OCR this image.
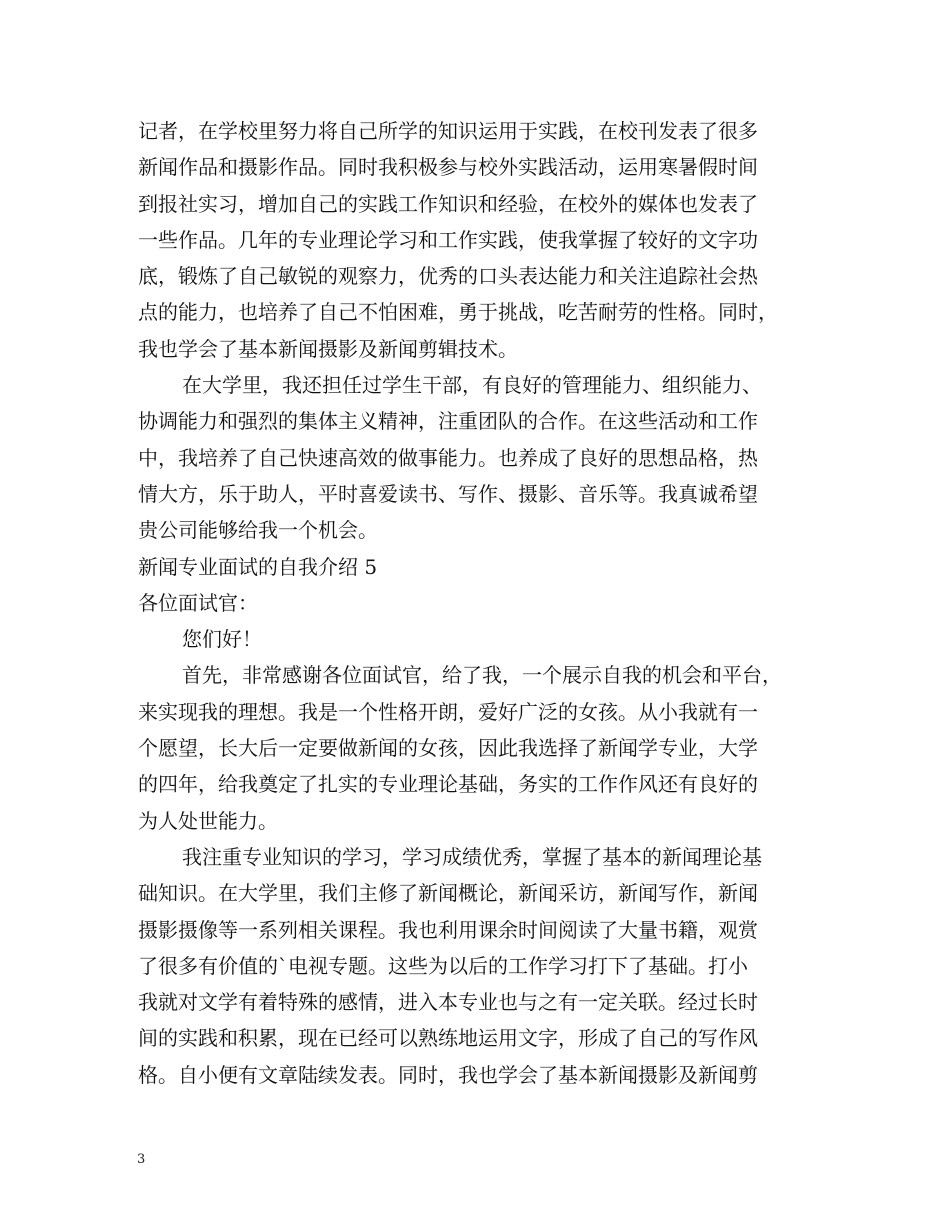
记者，在学校里努力将自己所学的知识运用于实践，在校刊发表了很多
新闻作品和摄影作品。同时我积极参与校外实践活动，运用寒暑假时间
到报社实习，增加自己的实践工作知识和经验，在校外的媒体也发表了
一些作品。几年的专业理论学习和工作实践，使我掌握了较好的文字功
底，锻炼了自己敏锐的观察力，优秀的口头表达能力和关注追踪社会热
点的能力，也培养了自己不怕困难，勇于挑战，吃苦耐劳的性格。同时，
我也学会了基本新闻摄影及新闻剪辑技术。
在大学里，我还担任过学生干部，有良好的管理能力、组织能力、
协调能力和强烈的集体主义精神，注重团队的合作。在这些活动和工作
中，我培养了自己快速高效的做事能力。也养成了良好的思想品格，热
情大方，乐于助人，平时喜爱读书、写作、摄影、音乐等。我真诚希望
贵公司能够给我一个机会。
新闻专业面试的自我介绍 5
各位面试官：
您们好！
首先，非常感谢各位面试官，给了我，一个展示自我的机会和平台，
来实现我的理想。我是一个性格开朗，爱好广泛的女孩。从小我就有一
个愿望，长大后一定要做新闻的女孩，因此我选择了新闻学专业，大学
的四年，给我奠定了扎实的专业理论基础，务实的工作作风还有良好的
为人处世能力。
我注重专业知识的学习，学习成绩优秀，掌握了基本的新闻理论基
础知识。在大学里，我们主修了新闻概论，新闻采访，新闻写作，新闻
摄影摄像等一系列相关课程。我也利用课余时间阅读了大量书籍，观赏
了很多有价值的`电视专题。这些为以后的工作学习打下了基础。打小
我就对文学有着特殊的感情，进入本专业也与之有一定关联。经过长时
间的实践和积累，现在已经可以熟练地运用文字，形成了自己的写作风
格。自小便有文章陆续发表。同时，我也学会了基本新闻摄影及新闻剪
3
